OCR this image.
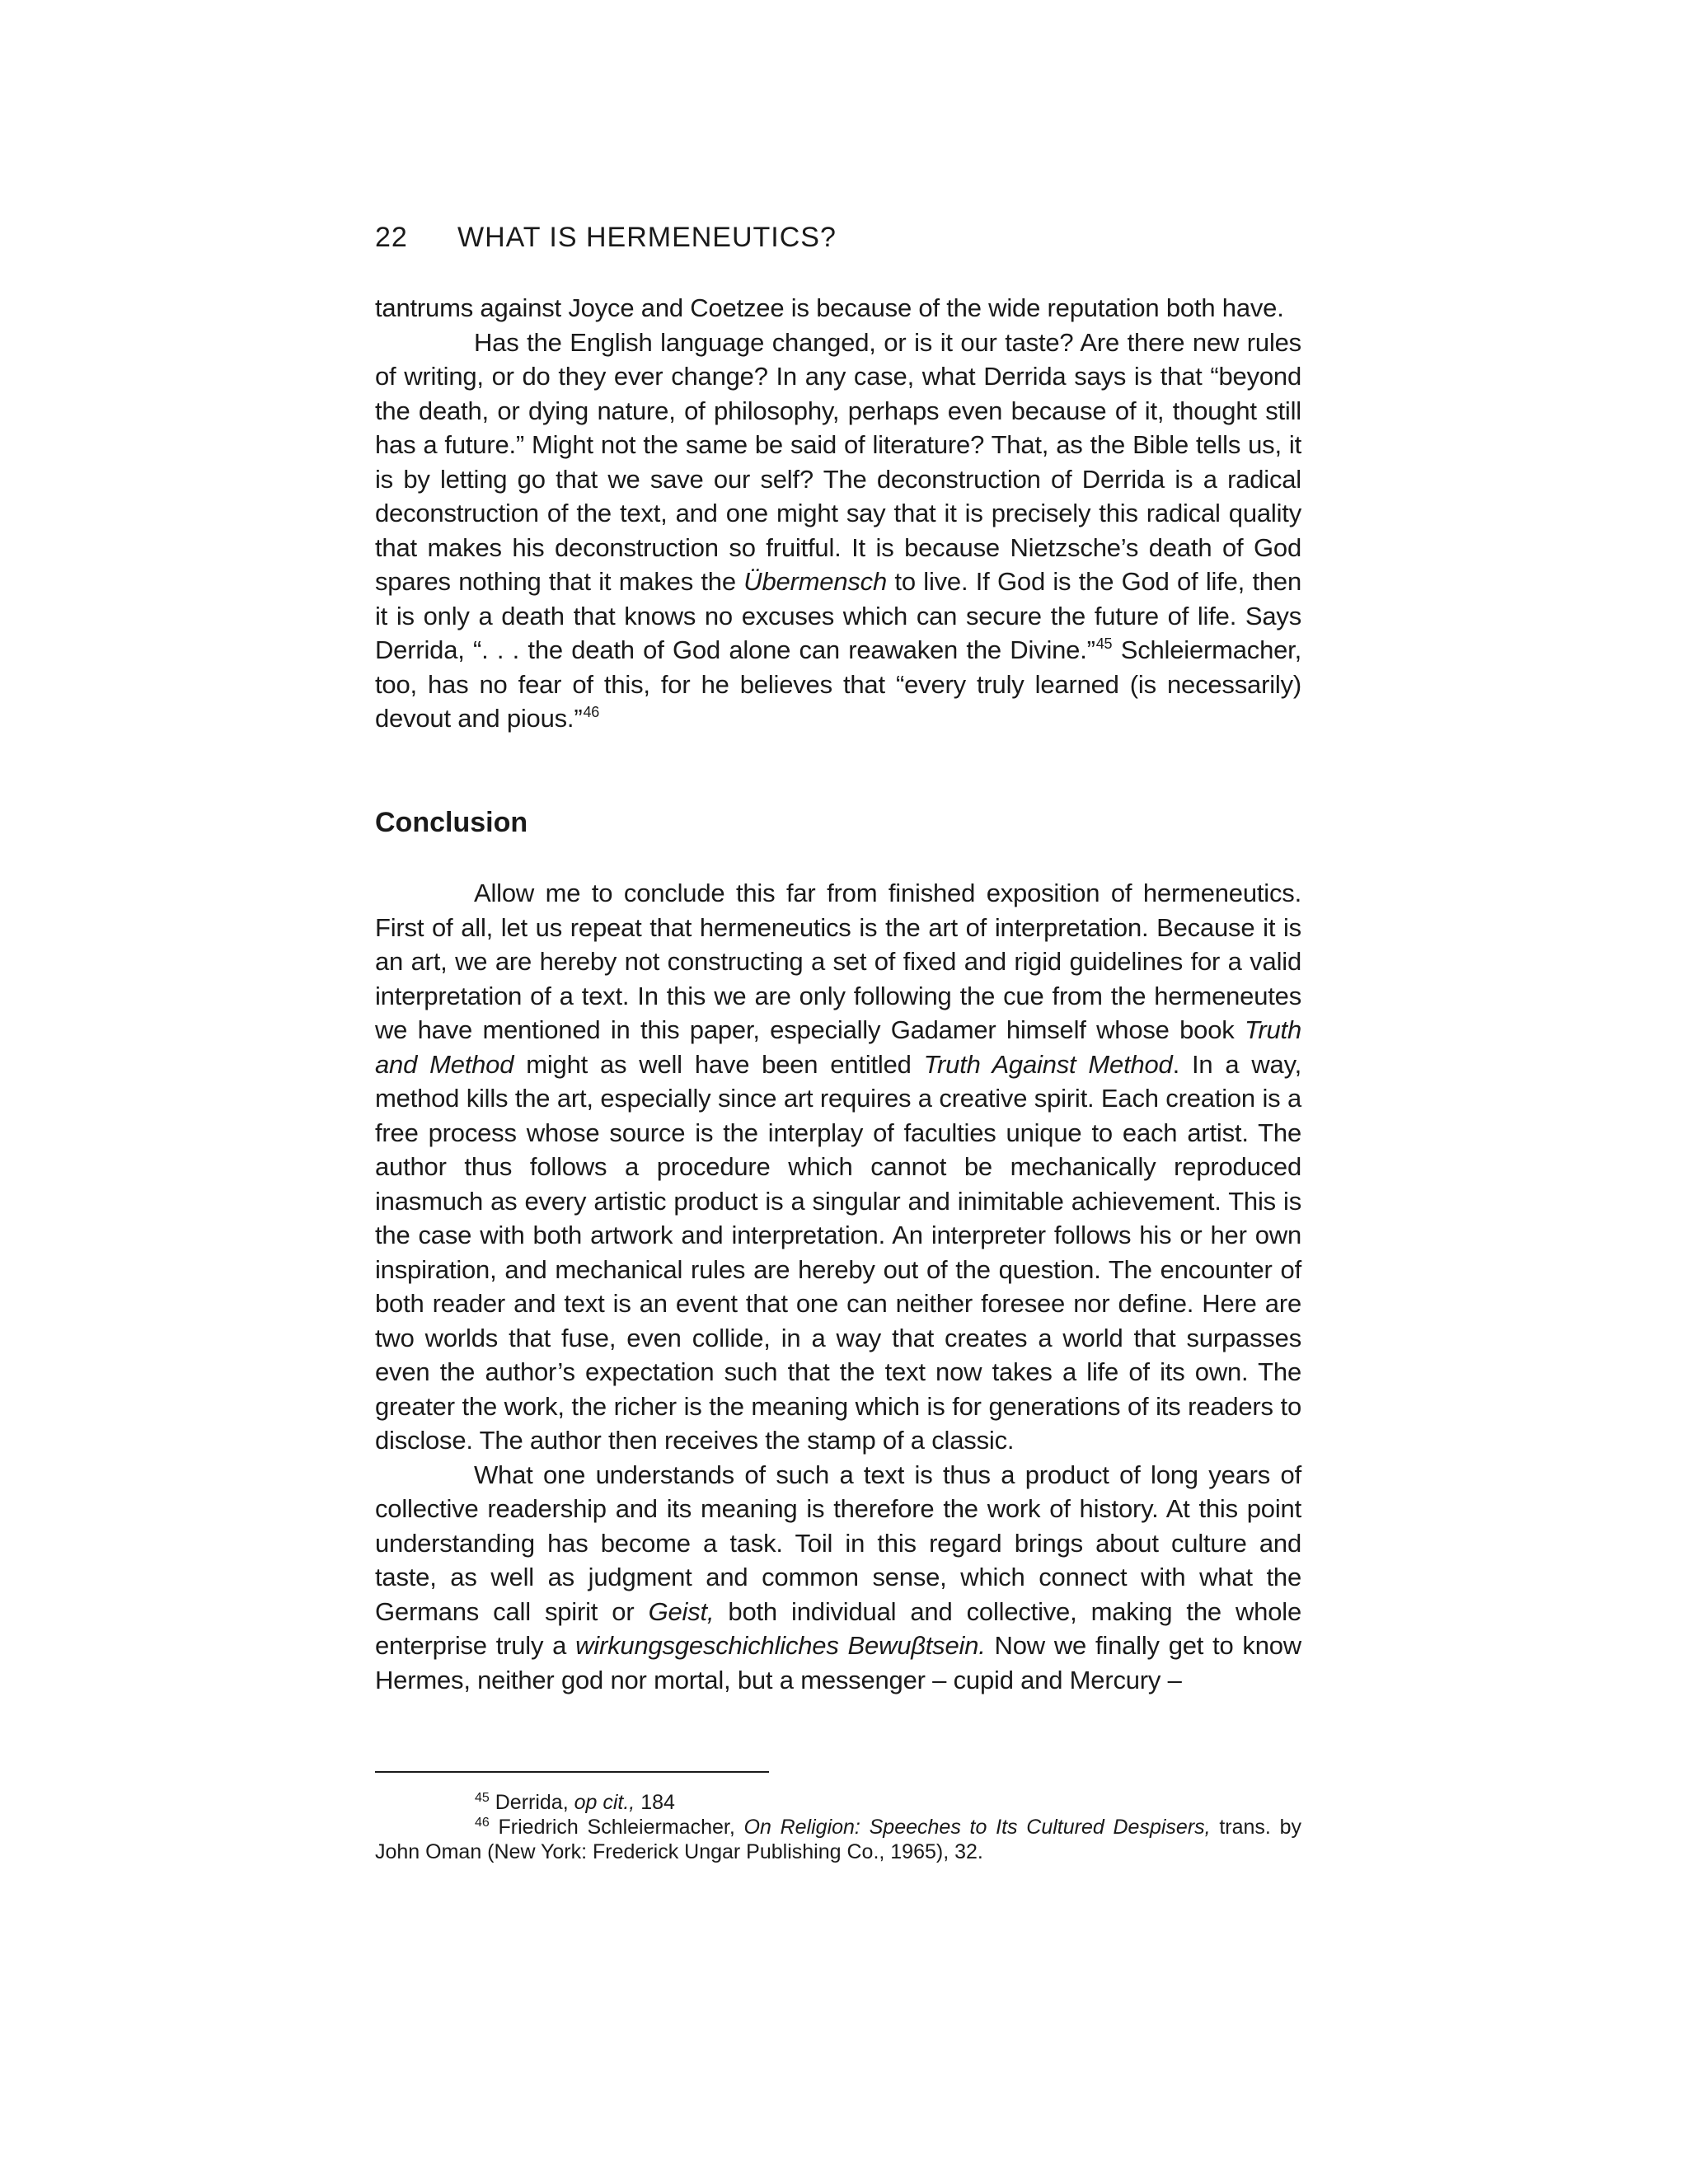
22 WHAT IS HERMENEUTICS?

tantrums against Joyce and Coetzee is because of the wide reputation both have.

Has the English language changed, or is it our taste? Are there new rules of writing, or do they ever change? In any case, what Derrida says is that “beyond the death, or dying nature, of philosophy, perhaps even because of it, thought still has a future.” Might not the same be said of literature? That, as the Bible tells us, it is by letting go that we save our self? The deconstruction of Derrida is a radical deconstruction of the text, and one might say that it is precisely this radical quality that makes his deconstruction so fruitful. It is because Nietzsche’s death of God spares nothing that it makes the Übermensch to live. If God is the God of life, then it is only a death that knows no excuses which can secure the future of life. Says Derrida, “. . . the death of God alone can reawaken the Divine.”$^{45}$ Schleiermacher, too, has no fear of this, for he believes that “every truly learned (is necessarily) devout and pious.”$^{46}$

Conclusion

Allow me to conclude this far from finished exposition of hermeneutics. First of all, let us repeat that hermeneutics is the art of interpretation. Because it is an art, we are hereby not constructing a set of fixed and rigid guidelines for a valid interpretation of a text. In this we are only following the cue from the hermeneutes we have mentioned in this paper, especially Gadamer himself whose book Truth and Method might as well have been entitled Truth Against Method. In a way, method kills the art, especially since art requires a creative spirit. Each creation is a free process whose source is the interplay of faculties unique to each artist. The author thus follows a procedure which cannot be mechanically reproduced inasmuch as every artistic product is a singular and inimitable achievement. This is the case with both artwork and interpretation. An interpreter follows his or her own inspiration, and mechanical rules are hereby out of the question. The encounter of both reader and text is an event that one can neither foresee nor define. Here are two worlds that fuse, even collide, in a way that creates a world that surpasses even the author’s expectation such that the text now takes a life of its own. The greater the work, the richer is the meaning which is for generations of its readers to disclose. The author then receives the stamp of a classic.

What one understands of such a text is thus a product of long years of collective readership and its meaning is therefore the work of history. At this point understanding has become a task. Toil in this regard brings about culture and taste, as well as judgment and common sense, which connect with what the Germans call spirit or Geist, both individual and collective, making the whole enterprise truly a wirkungsgeschichliches Bewuβtsein. Now we finally get to know Hermes, neither god nor mortal, but a messenger – cupid and Mercury –

$^{45}$ Derrida, op cit., 184

$^{46}$ Friedrich Schleiermacher, On Religion: Speeches to Its Cultured Despisers, trans. by John Oman (New York: Frederick Ungar Publishing Co., 1965), 32.
